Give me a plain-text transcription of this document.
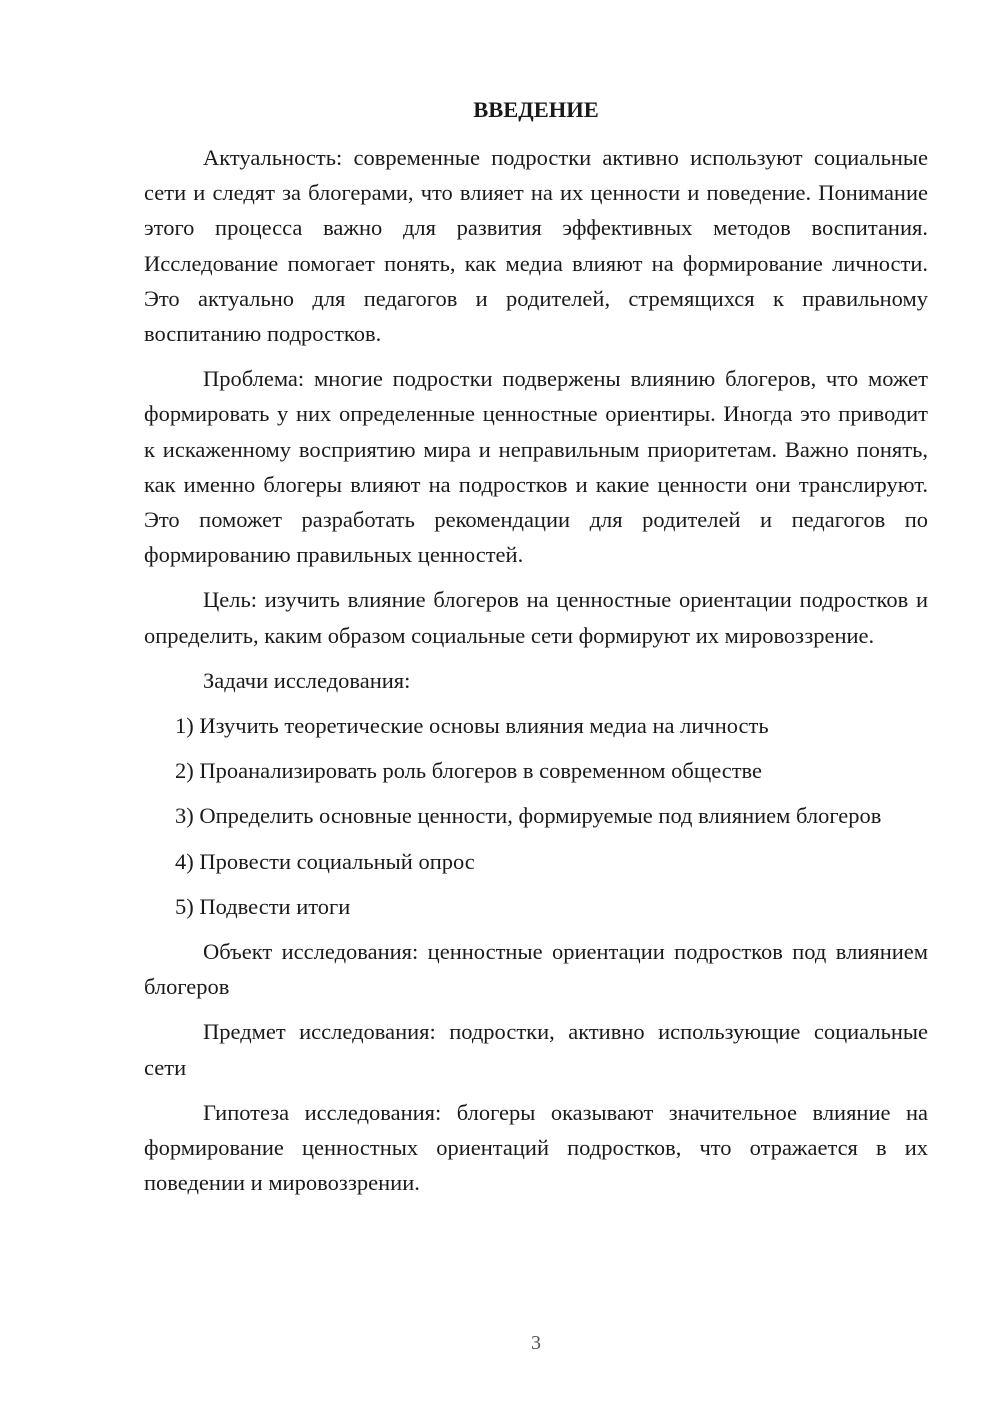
ВВЕДЕНИЕ

Актуальность: современные подростки активно используют социальные сети и следят за блогерами, что влияет на их ценности и поведение. Понимание этого процесса важно для развития эффективных методов воспитания. Исследование помогает понять, как медиа влияют на формирование личности. Это актуально для педагогов и родителей, стремящихся к правильному воспитанию подростков.

Проблема: многие подростки подвержены влиянию блогеров, что может формировать у них определенные ценностные ориентиры. Иногда это приводит к искаженному восприятию мира и неправильным приоритетам. Важно понять, как именно блогеры влияют на подростков и какие ценности они транслируют. Это поможет разработать рекомендации для родителей и педагогов по формированию правильных ценностей.

Цель: изучить влияние блогеров на ценностные ориентации подростков и определить, каким образом социальные сети формируют их мировоззрение.

Задачи исследования:

1) Изучить теоретические основы влияния медиа на личность

2) Проанализировать роль блогеров в современном обществе

3) Определить основные ценности, формируемые под влиянием блогеров

4) Провести социальный опрос

5) Подвести итоги

Объект исследования: ценностные ориентации подростков под влиянием блогеров

Предмет исследования: подростки, активно использующие социальные сети

Гипотеза исследования: блогеры оказывают значительное влияние на формирование ценностных ориентаций подростков, что отражается в их поведении и мировоззрении.

3
